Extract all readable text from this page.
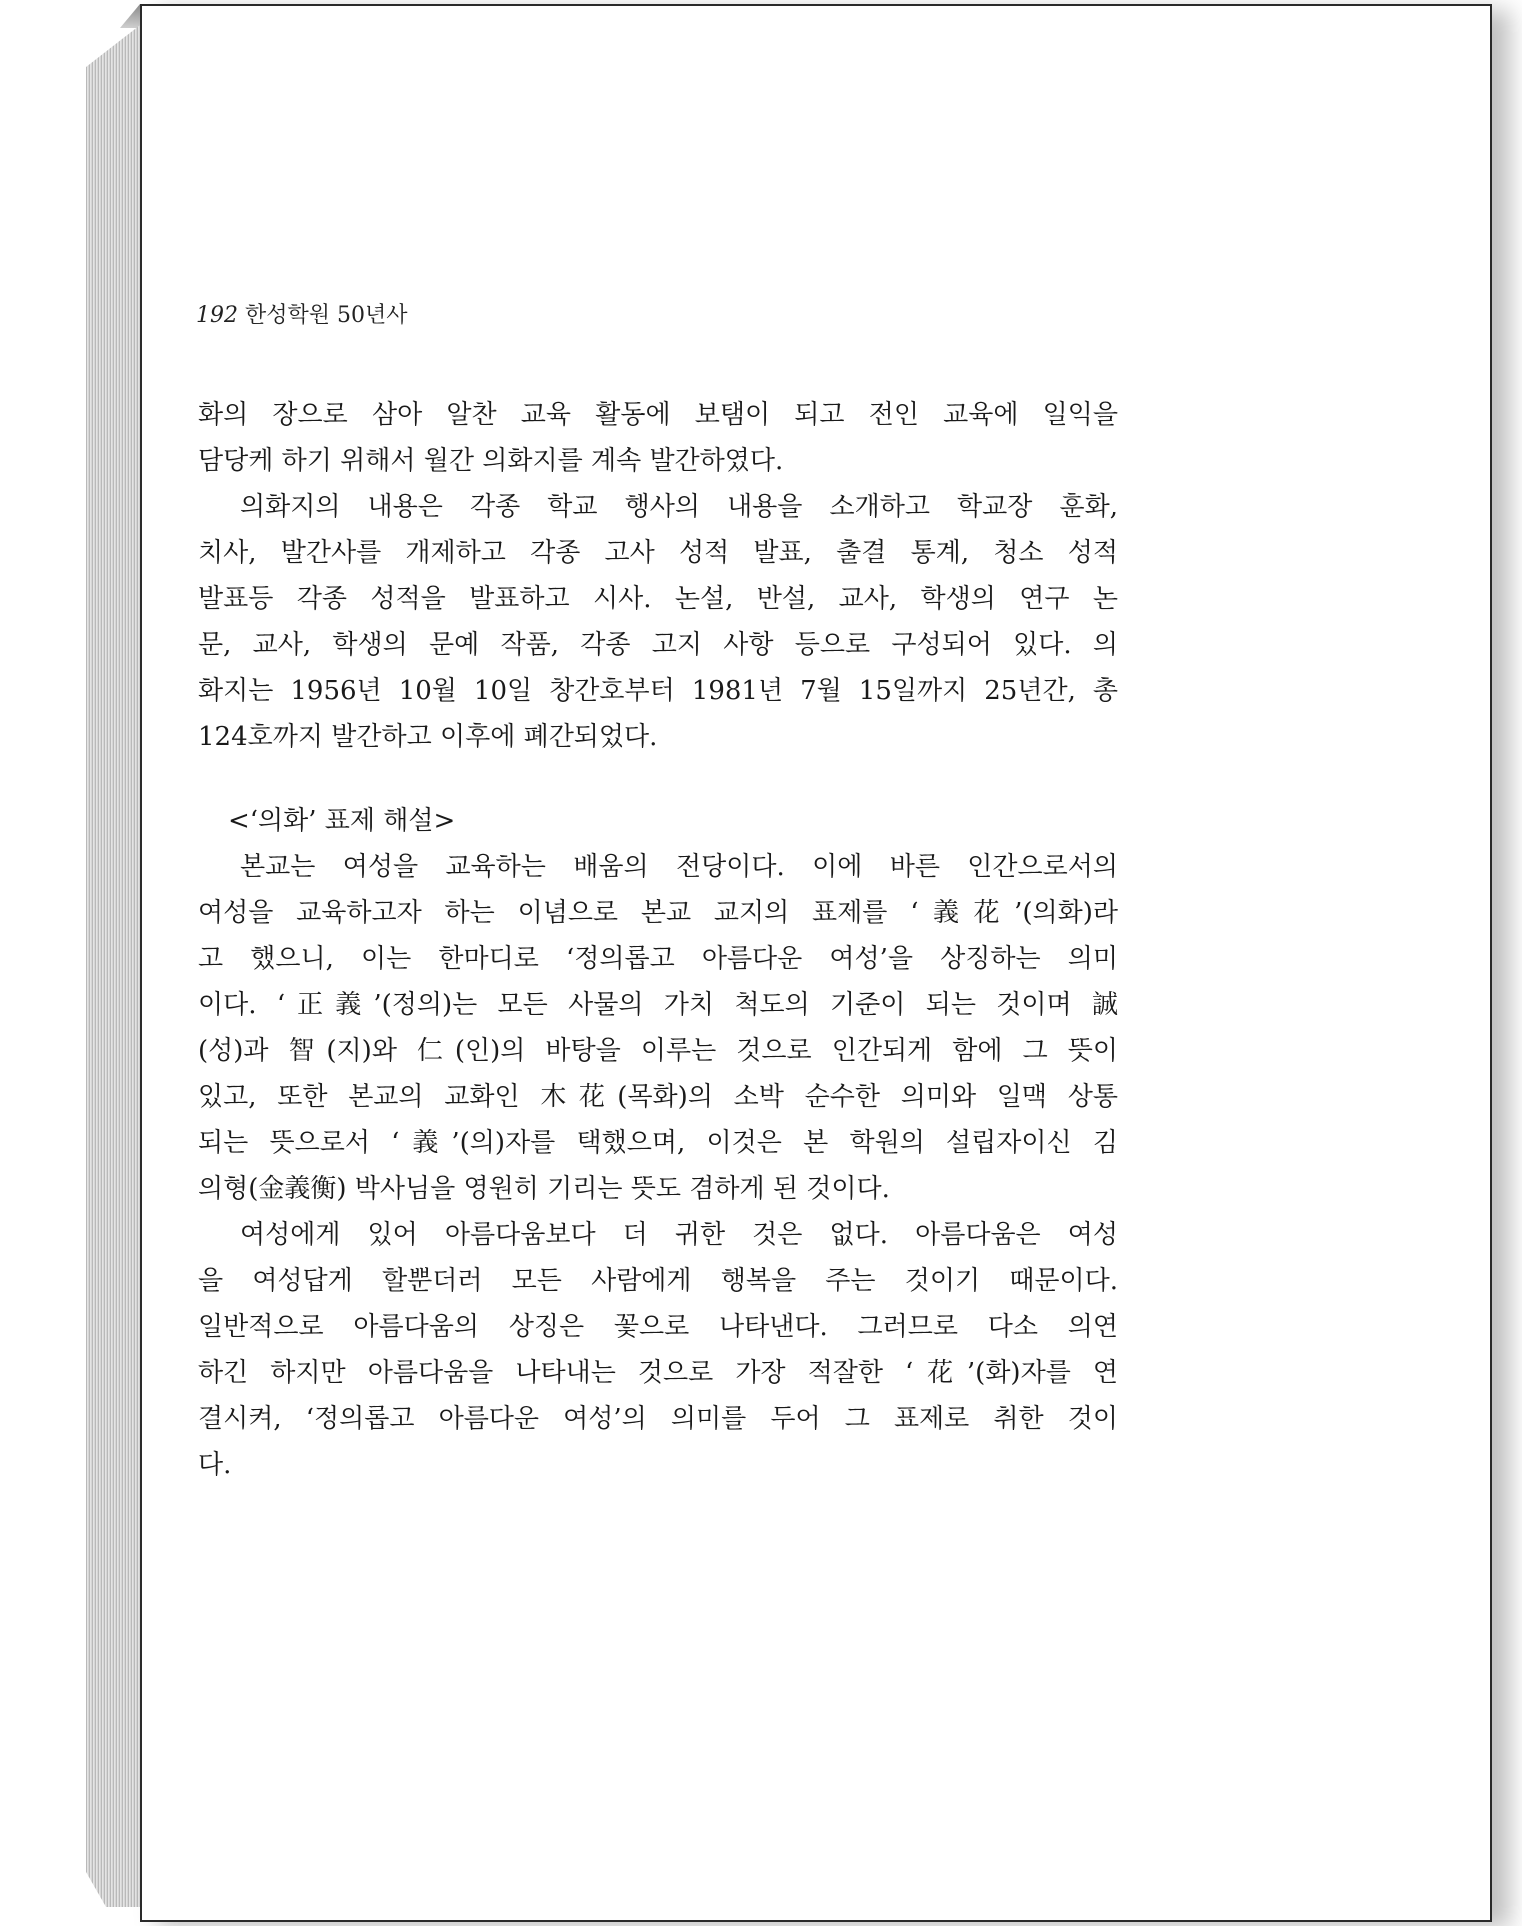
192 한성학원 50년사
화의 장으로 삼아 알찬 교육 활동에 보탬이 되고 전인 교육에 일익을
담당케 하기 위해서 월간 의화지를 계속 발간하였다.
의화지의 내용은 각종 학교 행사의 내용을 소개하고 학교장 훈화,
치사, 발간사를 개제하고 각종 고사 성적 발표, 출결 통계, 청소 성적
발표등 각종 성적을 발표하고 시사. 논설, 반설, 교사, 학생의 연구 논
문, 교사, 학생의 문예 작품, 각종 고지 사항 등으로 구성되어 있다. 의
화지는 1956년 10월 10일 창간호부터 1981년 7월 15일까지 25년간, 총
124호까지 발간하고 이후에 폐간되었다.
<‘의화’ 표제 해설>
본교는 여성을 교육하는 배움의 전당이다. 이에 바른 인간으로서의
여성을 교육하고자 하는 이념으로 본교 교지의 표제를 ‘義花’(의화)라
고 했으니, 이는 한마디로 ‘정의롭고 아름다운 여성’을 상징하는 의미
이다. ‘正義’(정의)는 모든 사물의 가치 척도의 기준이 되는 것이며 誠
(성)과 智(지)와 仁(인)의 바탕을 이루는 것으로 인간되게 함에 그 뜻이
있고, 또한 본교의 교화인 木花(목화)의 소박 순수한 의미와 일맥 상통
되는 뜻으로서 ‘義’(의)자를 택했으며, 이것은 본 학원의 설립자이신 김
의형(金義衡) 박사님을 영원히 기리는 뜻도 겸하게 된 것이다.
여성에게 있어 아름다움보다 더 귀한 것은 없다. 아름다움은 여성
을 여성답게 할뿐더러 모든 사람에게 행복을 주는 것이기 때문이다.
일반적으로 아름다움의 상징은 꽃으로 나타낸다. 그러므로 다소 의연
하긴 하지만 아름다움을 나타내는 것으로 가장 적잘한 ‘花’(화)자를 연
결시켜, ‘정의롭고 아름다운 여성’의 의미를 두어 그 표제로 취한 것이
다.
